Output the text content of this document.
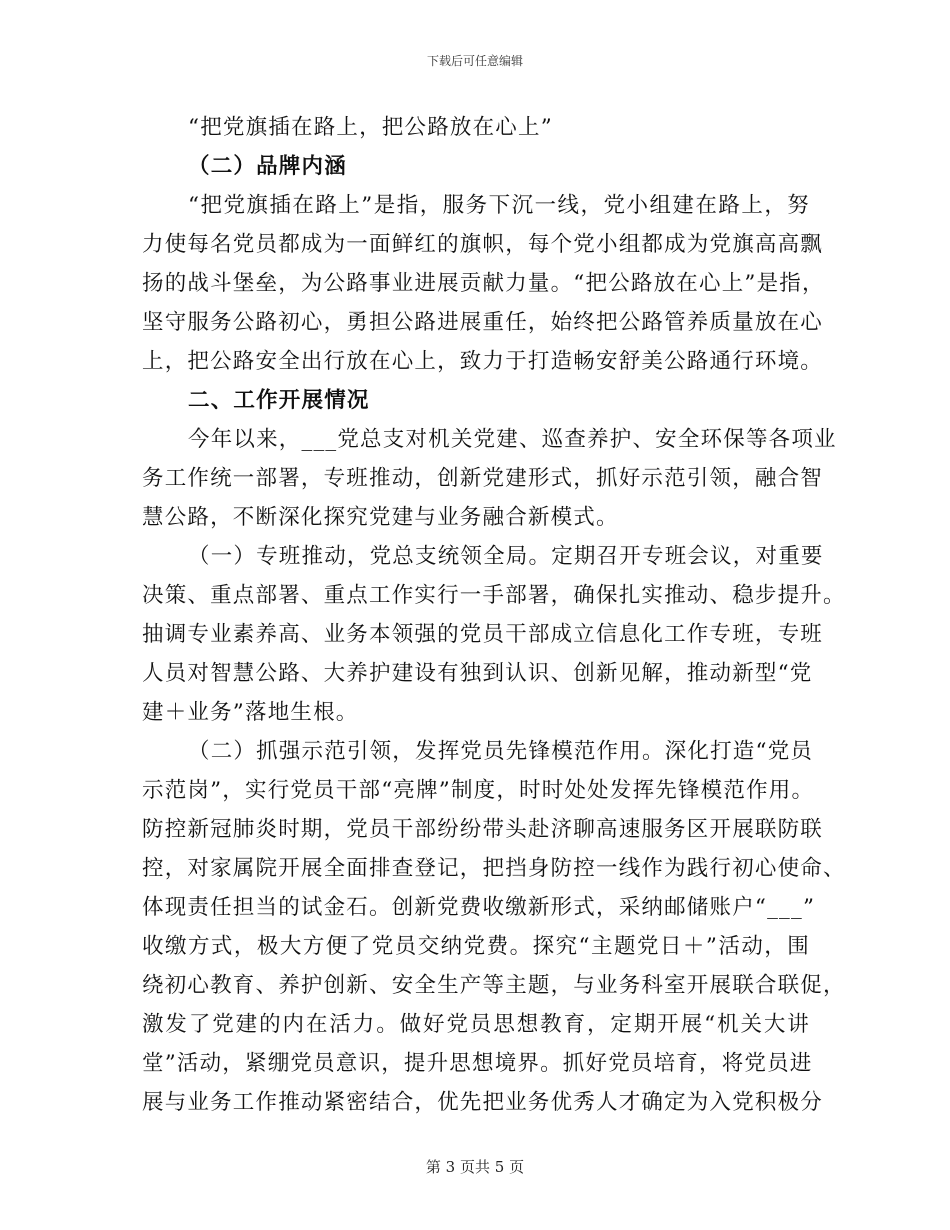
下载后可任意编辑
“把党旗插在路上，把公路放在心上”
（二）品牌内涵
“把党旗插在路上”是指，服务下沉一线，党小组建在路上，努
力使每名党员都成为一面鲜红的旗帜，每个党小组都成为党旗高高飘
扬的战斗堡垒，为公路事业进展贡献力量。“把公路放在心上”是指，
坚守服务公路初心，勇担公路进展重任，始终把公路管养质量放在心
上，把公路安全出行放在心上，致力于打造畅安舒美公路通行环境。
二、工作开展情况
今年以来，___党总支对机关党建、巡查养护、安全环保等各项业
务工作统一部署，专班推动，创新党建形式，抓好示范引领，融合智
慧公路，不断深化探究党建与业务融合新模式。
（一）专班推动，党总支统领全局。定期召开专班会议，对重要
决策、重点部署、重点工作实行一手部署，确保扎实推动、稳步提升。
抽调专业素养高、业务本领强的党员干部成立信息化工作专班，专班
人员对智慧公路、大养护建设有独到认识、创新见解，推动新型“党
建＋业务”落地生根。
（二）抓强示范引领，发挥党员先锋模范作用。深化打造“党员
示范岗”，实行党员干部“亮牌”制度，时时处处发挥先锋模范作用。
防控新冠肺炎时期，党员干部纷纷带头赴济聊高速服务区开展联防联
控，对家属院开展全面排查登记，把挡身防控一线作为践行初心使命、
体现责任担当的试金石。创新党费收缴新形式，采纳邮储账户“___”
收缴方式，极大方便了党员交纳党费。探究“主题党日＋”活动，围
绕初心教育、养护创新、安全生产等主题，与业务科室开展联合联促，
激发了党建的内在活力。做好党员思想教育，定期开展“机关大讲
堂”活动，紧绷党员意识，提升思想境界。抓好党员培育，将党员进
展与业务工作推动紧密结合，优先把业务优秀人才确定为入党积极分
第 3 页共 5 页
